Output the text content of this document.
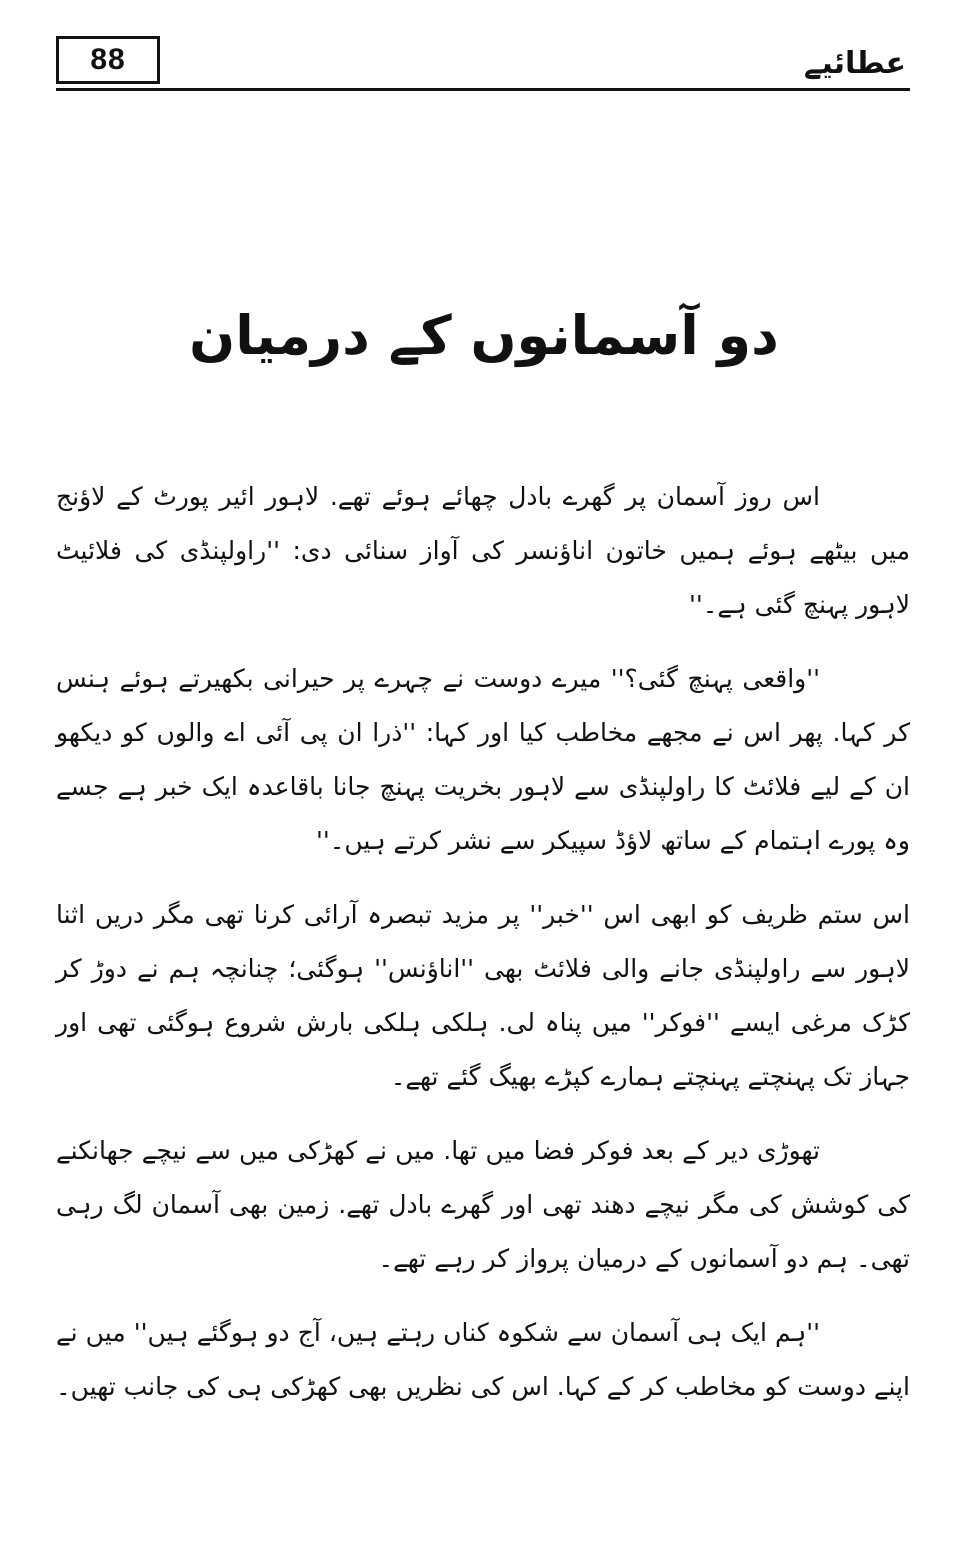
88	عطائیے
دو آسمانوں کے درمیان

اس روز آسمان پر گھرے بادل چھائے ہوئے تھے. لاہور ائیر پورٹ کے لاؤنج میں بیٹھے ہوئے ہمیں خاتون اناؤنسر کی آواز سنائی دی: ''راولپنڈی کی فلائیٹ لاہور پہنچ گئی ہے۔''

''واقعی پہنچ گئی؟'' میرے دوست نے چہرے پر حیرانی بکھیرتے ہوئے ہنس کر کہا. پھر اس نے مجھے مخاطب کیا اور کہا: ''ذرا ان پی آئی اے والوں کو دیکھو ان کے لیے فلائٹ کا راولپنڈی سے لاہور بخریت پہنچ جانا باقاعدہ ایک خبر ہے جسے وہ پورے اہتمام کے ساتھ لاؤڈ سپیکر سے نشر کرتے ہیں۔''

اس ستم ظریف کو ابھی اس ''خبر'' پر مزید تبصرہ آرائی کرنا تھی مگر دریں اثنا لاہور سے راولپنڈی جانے والی فلائٹ بھی ''اناؤنس'' ہوگئی؛ چنانچہ ہم نے دوڑ کر کڑک مرغی ایسے ''فوکر'' میں پناہ لی. ہلکی ہلکی بارش شروع ہوگئی تھی اور جہاز تک پہنچتے پہنچتے ہمارے کپڑے بھیگ گئے تھے۔

تھوڑی دیر کے بعد فوکر فضا میں تھا. میں نے کھڑکی میں سے نیچے جھانکنے کی کوشش کی مگر نیچے دھند تھی اور گھرے بادل تھے. زمین بھی آسمان لگ رہی تھی۔ ہم دو آسمانوں کے درمیان پرواز کر رہے تھے۔

''ہم ایک ہی آسمان سے شکوہ کناں رہتے ہیں، آج دو ہوگئے ہیں'' میں نے اپنے دوست کو مخاطب کر کے کہا. اس کی نظریں بھی کھڑکی ہی کی جانب تھیں۔
